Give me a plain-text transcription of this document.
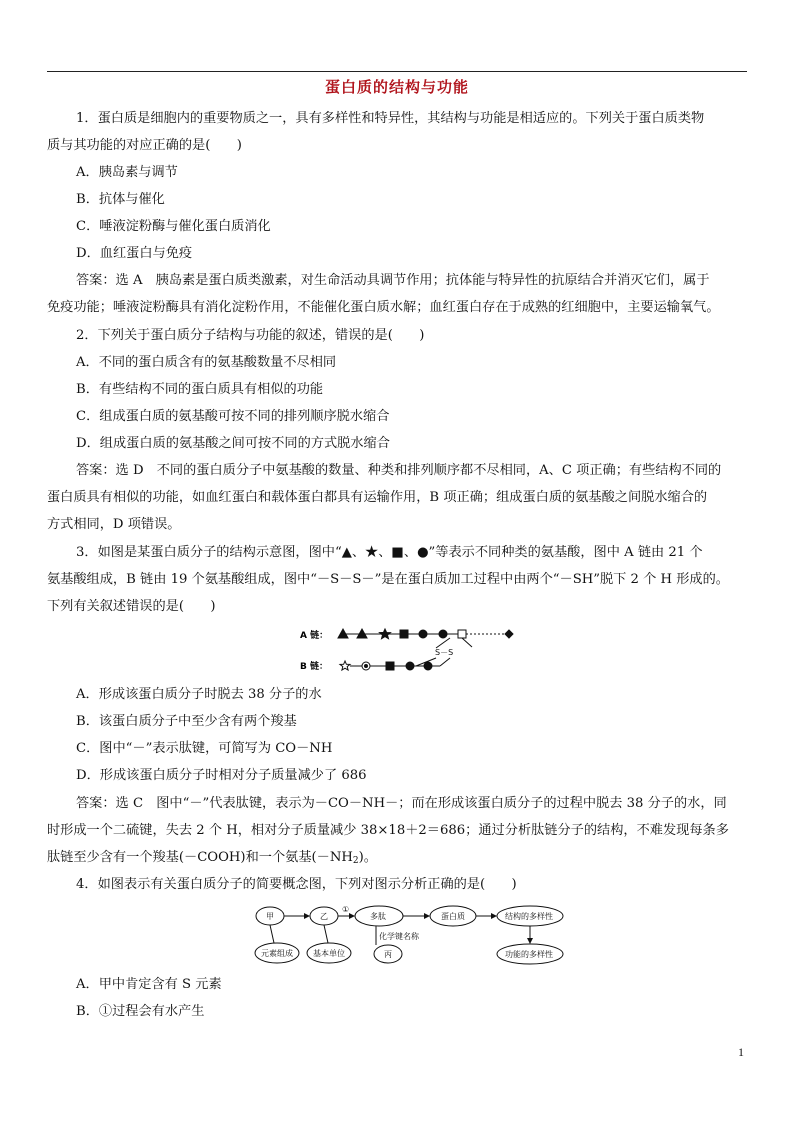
蛋白质的结构与功能
1．蛋白质是细胞内的重要物质之一，具有多样性和特异性，其结构与功能是相适应的。下列关于蛋白质类物
质与其功能的对应正确的是(　　)
A．胰岛素与调节
B．抗体与催化
C．唾液淀粉酶与催化蛋白质消化
D．血红蛋白与免疫
答案：选 A　胰岛素是蛋白质类激素，对生命活动具调节作用；抗体能与特异性的抗原结合并消灭它们，属于
免疫功能；唾液淀粉酶具有消化淀粉作用，不能催化蛋白质水解；血红蛋白存在于成熟的红细胞中，主要运输氧气。
2．下列关于蛋白质分子结构与功能的叙述，错误的是(　　)
A．不同的蛋白质含有的氨基酸数量不尽相同
B．有些结构不同的蛋白质具有相似的功能
C．组成蛋白质的氨基酸可按不同的排列顺序脱水缩合
D．组成蛋白质的氨基酸之间可按不同的方式脱水缩合
答案：选 D　不同的蛋白质分子中氨基酸的数量、种类和排列顺序都不尽相同，A、C 项正确；有些结构不同的
蛋白质具有相似的功能，如血红蛋白和载体蛋白都具有运输作用，B 项正确；组成蛋白质的氨基酸之间脱水缩合的
方式相同，D 项错误。
3．如图是某蛋白质分子的结构示意图，图中“▲、★、■、●”等表示不同种类的氨基酸，图中 A 链由 21 个
氨基酸组成，B 链由 19 个氨基酸组成，图中“－S－S－”是在蛋白质加工过程中由两个“－SH”脱下 2 个 H 形成的。
下列有关叙述错误的是(　　)
A 链：
B 链：
S－S
A．形成该蛋白质分子时脱去 38 分子的水
B．该蛋白质分子中至少含有两个羧基
C．图中“－”表示肽键，可简写为 CO－NH
D．形成该蛋白质分子时相对分子质量减少了 686
答案：选 C　图中“－”代表肽键，表示为－CO－NH－；而在形成该蛋白质分子的过程中脱去 38 分子的水，同
时形成一个二硫键，失去 2 个 H，相对分子质量减少 38×18＋2＝686；通过分析肽链分子的结构，不难发现每条多
肽链至少含有一个羧基(－COOH)和一个氨基$(-NH_2)$。
4．如图表示有关蛋白质分子的简要概念图，下列对图示分析正确的是(　　)
甲	乙
①
多肽	蛋白质	结构的多样性
元素组成	基本单位
化学键名称
丙	功能的多样性
A．甲中肯定含有 S 元素
B．①过程会有水产生
1
